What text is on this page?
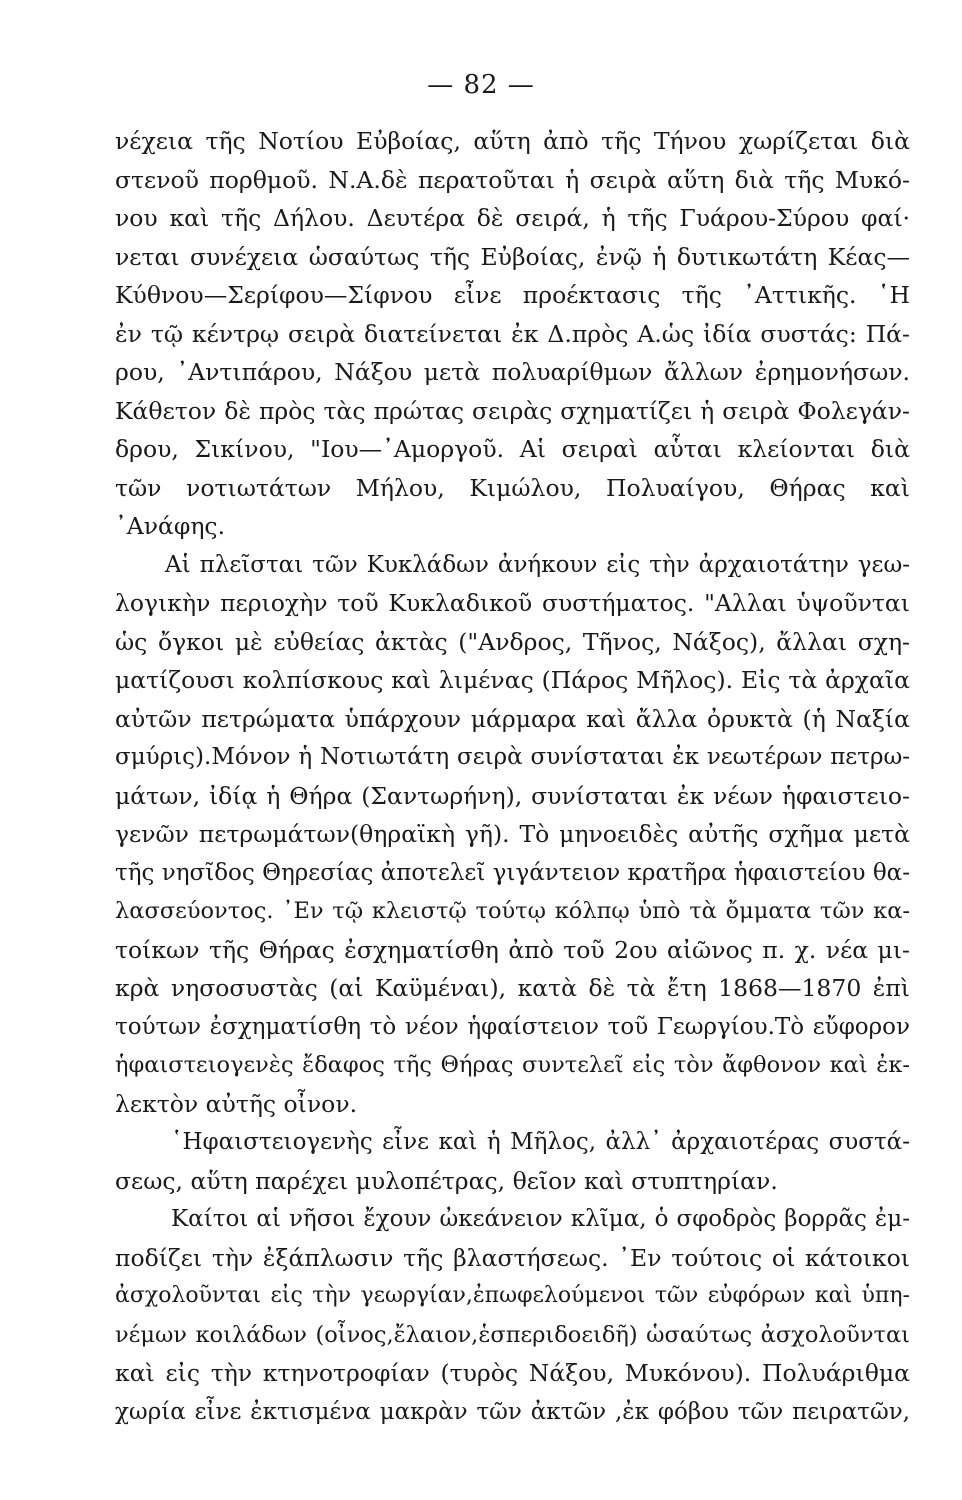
— 82 —
νέχεια τῆς Νοτίου Εὐβοίας, αὕτη ἀπὸ τῆς Τήνου χωρίζεται διὰ
στενοῦ πορθμοῦ. Ν.Α.δὲ περατοῦται ἡ σειρὰ αὕτη διὰ τῆς Μυκό-
νου καὶ τῆς Δήλου. Δευτέρα δὲ σειρά, ἡ τῆς Γυάρου-Σύρου φαί·
νεται συνέχεια ὡσαύτως τῆς Εὐβοίας, ἐνῷ ἡ δυτικωτάτη Κέας—
Κύθνου—Σερίφου—Σίφνου εἶνε προέκτασις τῆς ᾽Αττικῆς. ῾Η
ἐν τῷ κέντρῳ σειρὰ διατείνεται ἐκ Δ.πρὸς Α.ὡς ἰδία συστάς: Πά-
ρου, ᾽Αντιπάρου, Νάξου μετὰ πολυαρίθμων ἄλλων ἐρημονήσων.
Κάθετον δὲ πρὸς τὰς πρώτας σειρὰς σχηματίζει ἡ σειρὰ Φολεγάν-
δρου, Σικίνου, "Ιου—᾽Αμοργοῦ. Αἱ σειραὶ αὗται κλείονται διὰ
τῶν νοτιωτάτων Μήλου, Κιμώλου, Πολυαίγου, Θήρας καὶ
᾽Ανάφης.
Αἱ πλεῖσται τῶν Κυκλάδων ἀνήκουν εἰς τὴν ἀρχαιοτάτην γεω-
λογικὴν περιοχὴν τοῦ Κυκλαδικοῦ συστήματος. "Αλλαι ὑψοῦνται
ὡς ὄγκοι μὲ εὐθείας ἀκτὰς ("Ανδρος, Τῆνος, Νάξος), ἄλλαι σχη-
ματίζουσι κολπίσκους καὶ λιμένας (Πάρος Μῆλος). Εἰς τὰ ἀρχαῖα
αὐτῶν πετρώματα ὑπάρχουν μάρμαρα καὶ ἄλλα ὀρυκτὰ (ἡ Ναξία
σμύρις).Μόνον ἡ Νοτιωτάτη σειρὰ συνίσταται ἐκ νεωτέρων πετρω-
μάτων, ἰδίᾳ ἡ Θήρα (Σαντωρήνη), συνίσταται ἐκ νέων ἡφαιστειο-
γενῶν πετρωμάτων(θηραϊκὴ γῆ). Τὸ μηνοειδὲς αὐτῆς σχῆμα μετὰ
τῆς νησῖδος Θηρεσίας ἀποτελεῖ γιγάντειον κρατῆρα ἡφαιστείου θα-
λασσεύοντος. ᾽Εν τῷ κλειστῷ τούτῳ κόλπῳ ὑπὸ τὰ ὄμματα τῶν κα-
τοίκων τῆς Θήρας ἐσχηματίσθη ἀπὸ τοῦ 2ου αἰῶνος π. χ. νέα μι-
κρὰ νησοσυστὰς (αἱ Καϋμέναι), κατὰ δὲ τὰ ἔτη 1868—1870 ἐπὶ
τούτων ἐσχηματίσθη τὸ νέον ἡφαίστειον τοῦ Γεωργίου.Τὸ εὔφορον
ἡφαιστειογενὲς ἔδαφος τῆς Θήρας συντελεῖ εἰς τὸν ἄφθονον καὶ ἐκ-
λεκτὸν αὐτῆς οἶνον.
῾Ηφαιστειογενὴς εἶνε καὶ ἡ Μῆλος, ἀλλ᾽ ἀρχαιοτέρας συστά-
σεως, αὕτη παρέχει μυλοπέτρας, θεῖον καὶ στυπτηρίαν.
Καίτοι αἱ νῆσοι ἔχουν ὠκεάνειον κλῖμα, ὁ σφοδρὸς βορρᾶς ἐμ-
ποδίζει τὴν ἐξάπλωσιν τῆς βλαστήσεως. ᾽Εν τούτοις οἱ κάτοικοι
ἀσχολοῦνται εἰς τὴν γεωργίαν,ἐπωφελούμενοι τῶν εὐφόρων καὶ ὑπη-
νέμων κοιλάδων (οἶνος,ἔλαιον,ἑσπεριδοειδῆ) ὡσαύτως ἀσχολοῦνται
καὶ εἰς τὴν κτηνοτροφίαν (τυρὸς Νάξου, Μυκόνου). Πολυάριθμα
χωρία εἶνε ἐκτισμένα μακρὰν τῶν ἀκτῶν ,ἐκ φόβου τῶν πειρατῶν,
